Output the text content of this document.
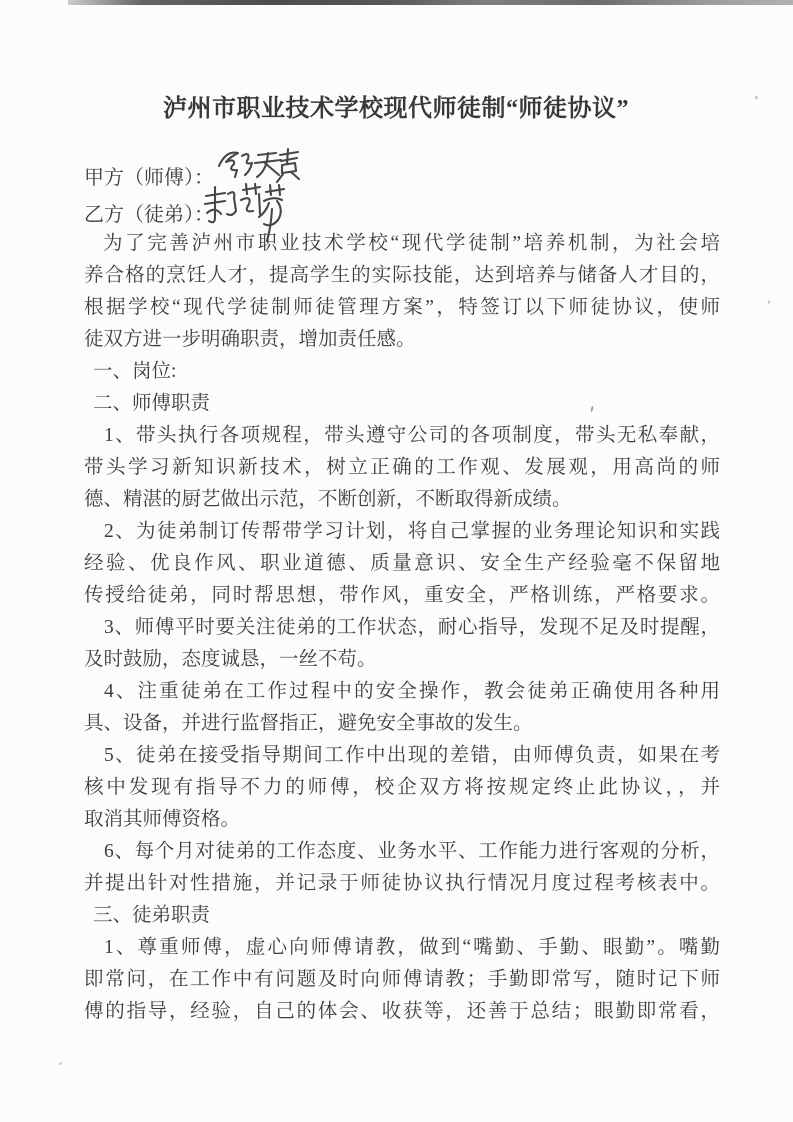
泸州市职业技术学校现代师徒制“师徒协议”
甲方（师傅）：
乙方（徒弟）：
为了完善泸州市职业技术学校“现代学徒制”培养机制，为社会培
养合格的烹饪人才，提高学生的实际技能，达到培养与储备人才目的，
根据学校“现代学徒制师徒管理方案”，特签订以下师徒协议，使师
徒双方进一步明确职责，增加责任感。
一、岗位:
二、师傅职责
1、带头执行各项规程，带头遵守公司的各项制度，带头无私奉献，
带头学习新知识新技术，树立正确的工作观、发展观，用高尚的师
德、精湛的厨艺做出示范，不断创新，不断取得新成绩。
2、为徒弟制订传帮带学习计划，将自己掌握的业务理论知识和实践
经验、优良作风、职业道德、质量意识、安全生产经验毫不保留地
传授给徒弟，同时帮思想，带作风，重安全，严格训练，严格要求。
3、师傅平时要关注徒弟的工作状态，耐心指导，发现不足及时提醒，
及时鼓励，态度诚恳，一丝不苟。
4、注重徒弟在工作过程中的安全操作，教会徒弟正确使用各种用
具、设备，并进行监督指正，避免安全事故的发生。
5、徒弟在接受指导期间工作中出现的差错，由师傅负责，如果在考
核中发现有指导不力的师傅，校企双方将按规定终止此协议，，并
取消其师傅资格。
6、每个月对徒弟的工作态度、业务水平、工作能力进行客观的分析，
并提出针对性措施，并记录于师徒协议执行情况月度过程考核表中。
三、徒弟职责
1、尊重师傅，虚心向师傅请教，做到“嘴勤、手勤、眼勤”。嘴勤
即常问，在工作中有问题及时向师傅请教；手勤即常写，随时记下师
傅的指导，经验，自己的体会、收获等，还善于总结；眼勤即常看，
